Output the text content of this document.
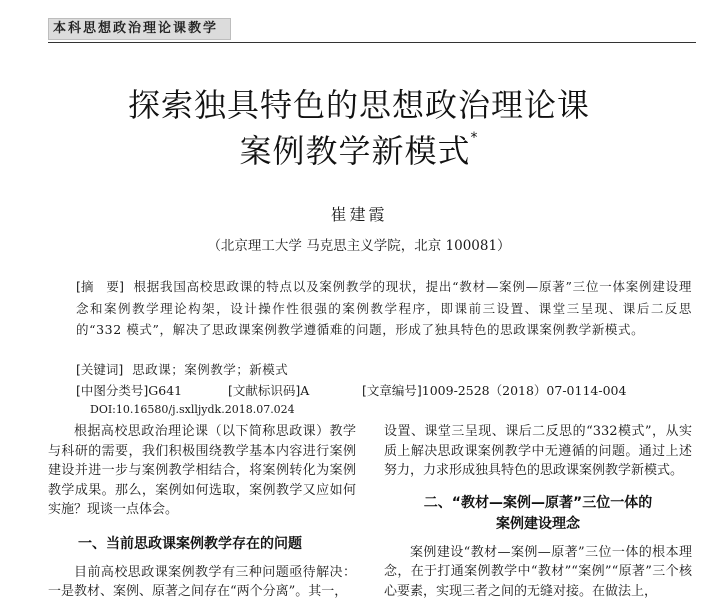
本科思想政治理论课教学
探索独具特色的思想政治理论课
案例教学新模式*
崔建霞
（北京理工大学 马克思主义学院，北京 100081）
[摘　要] 根据我国高校思政课的特点以及案例教学的现状，提出“教材—案例—原著”三位一体案例建设理念和案例教学理论构架，设计操作性很强的案例教学程序，即课前三设置、课堂三呈现、课后二反思的“332 模式”，解决了思政课案例教学遵循难的问题，形成了独具特色的思政课案例教学新模式。
[关键词] 思政课；案例教学；新模式
[中图分类号]G641	[文献标识码]A	[文章编号]1009-2528（2018）07-0114-004
DOI:10.16580/j.sxlljydk.2018.07.024

根据高校思政治理论课（以下简称思政课）教学与科研的需要，我们积极围绕教学基本内容进行案例建设并进一步与案例教学相结合，将案例转化为案例教学成果。那么，案例如何选取，案例教学又应如何实施？现谈一点体会。

一、当前思政课案例教学存在的问题

目前高校思政课案例教学有三种问题亟待解决：一是教材、案例、原著之间存在“两个分离”。其一，

设置、课堂三呈现、课后二反思的“332模式”，从实质上解决思政课案例教学中无遵循的问题。通过上述努力，力求形成独具特色的思政课案例教学新模式。

二、“教材—案例—原著”三位一体的

案例建设理念

案例建设“教材—案例—原著”三位一体的根本理念，在于打通案例教学中“教材”“案例”“原著”三个核心要素，实现三者之间的无缝对接。在做法上，
